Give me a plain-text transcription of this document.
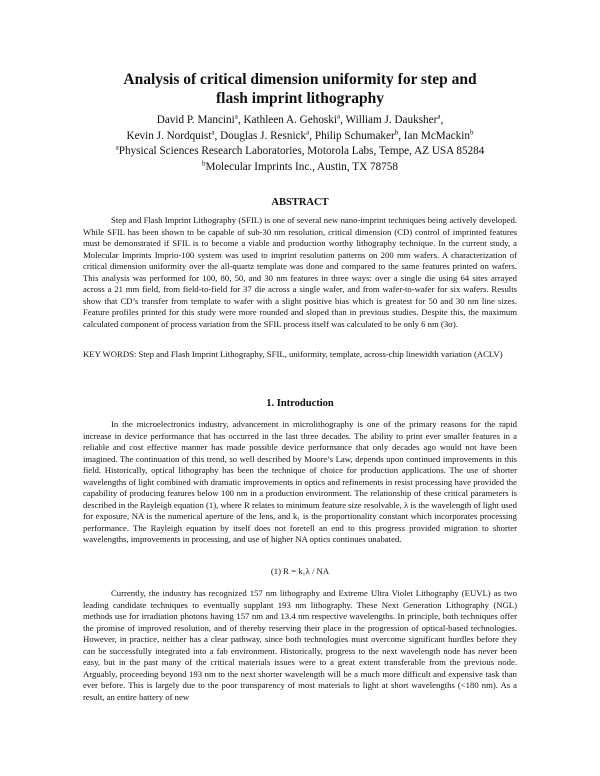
Analysis of critical dimension uniformity for step and
flash imprint lithography
David P. Mancini$^a$, Kathleen A. Gehoski$^a$, William J. Dauksher$^a$,
Kevin J. Nordquist$^a$, Douglas J. Resnick$^a$, Philip Schumaker$^b$, Ian McMackin$^b$
$^a$Physical Sciences Research Laboratories, Motorola Labs, Tempe, AZ USA 85284
$^b$Molecular Imprints Inc., Austin, TX 78758
ABSTRACT

Step and Flash Imprint Lithography (SFIL) is one of several new nano-imprint techniques being actively developed. While SFIL has been shown to be capable of sub-30 nm resolution, critical dimension (CD) control of imprinted features must be demonstrated if SFIL is to become a viable and production worthy lithography technique. In the current study, a Molecular Imprints Imprio-100 system was used to imprint resolution patterns on 200 mm wafers. A characterization of critical dimension uniformity over the all-quartz template was done and compared to the same features printed on wafers. This analysis was performed for 100, 80, 50, and 30 nm features in three ways: over a single die using 64 sites arrayed across a 21 mm field, from field-to-field for 37 die across a single wafer, and from wafer-to-wafer for six wafers. Results show that CD’s transfer from template to wafer with a slight positive bias which is greatest for 50 and 30 nm line sizes. Feature profiles printed for this study were more rounded and sloped than in previous studies. Despite this, the maximum calculated component of process variation from the SFIL process itself was calculated to be only 6 nm (3σ).

KEY WORDS: Step and Flash Imprint Lithography, SFIL, uniformity, template, across-chip linewidth variation (ACLV)

1. Introduction

In the microelectronics industry, advancement in microlithography is one of the primary reasons for the rapid increase in device performance that has occurred in the last three decades. The ability to print ever smaller features in a reliable and cost effective manner has made possible device performance that only decades ago would not have been imagined. The continuation of this trend, so well described by Moore’s Law, depends upon continued improvements in this field. Historically, optical lithography has been the technique of choice for production applications. The use of shorter wavelengths of light combined with dramatic improvements in optics and refinements in resist processing have provided the capability of producing features below 100 nm in a production environment. The relationship of these critical parameters is described in the Rayleigh equation (1), where R relates to minimum feature size resolvable, λ is the wavelength of light used for exposure, NA is the numerical aperture of the lens, and k₁ is the proportionality constant which incorporates processing performance. The Rayleigh equation by itself does not foretell an end to this progress provided migration to shorter wavelengths, improvements in processing, and use of higher NA optics continues unabated.

(1) R = k₁λ / NA

Currently, the industry has recognized 157 nm lithography and Extreme Ultra Violet Lithography (EUVL) as two leading candidate techniques to eventually supplant 193 nm lithography. These Next Generation Lithography (NGL) methods use for irradiation photons having 157 nm and 13.4 nm respective wavelengths. In principle, both techniques offer the promise of improved resolution, and of thereby reserving their place in the progression of optical-based technologies. However, in practice, neither has a clear pathway, since both technologies must overcome significant hurdles before they can be successfully integrated into a fab environment. Historically, progress to the next wavelength node has never been easy, but in the past many of the critical materials issues were to a great extent transferable from the previous node. Arguably, proceeding beyond 193 nm to the next shorter wavelength will be a much more difficult and expensive task than ever before. This is largely due to the poor transparency of most materials to light at short wavelengths (<180 nm). As a result, an entire battery of new
